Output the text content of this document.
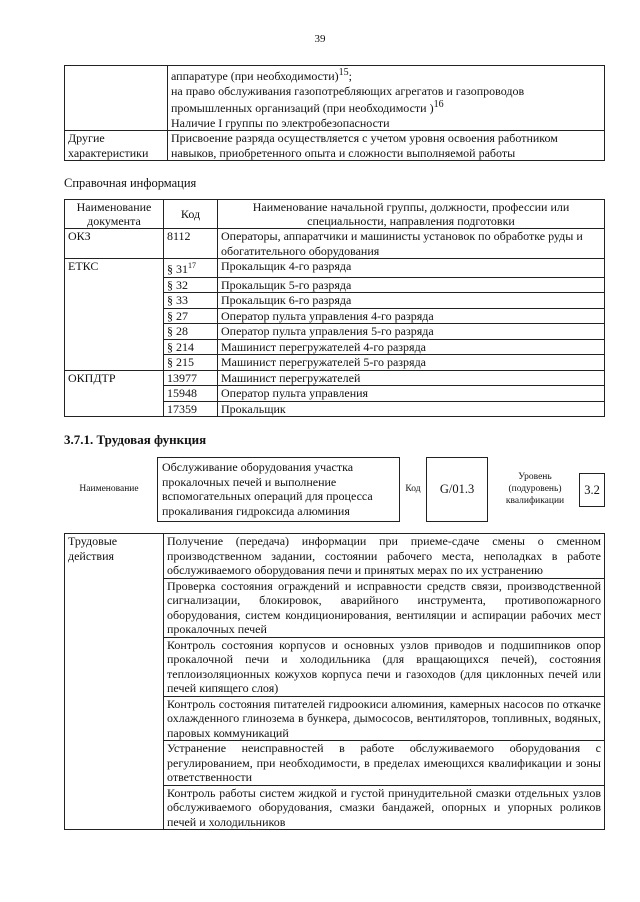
39

	аппаратуре (при необходимости)$^{15}$;
на право обслуживания газопотребляющих агрегатов и газопроводов
промышленных организаций (при необходимости )$^{16}$
Наличие I группы по электробезопасности

Другие характеристики	Присвоение разряда осуществляется с учетом уровня освоения работником навыков, приобретенного опыта и сложности выполняемой работы
Справочная информация
Наименование документа	Код	Наименование начальной группы, должности, профессии или специальности, направления подготовки
ОКЗ	8112	Операторы, аппаратчики и машинисты установок по обработке руды и обогатительного оборудования
ЕТКС	§ $31^{17}$	Прокальщик 4-го разряда
	§ 32	Прокальщик 5-го разряда
	§ 33	Прокальщик 6-го разряда
	§ 27	Оператор пульта управления 4-го разряда
	§ 28	Оператор пульта управления 5-го разряда
	§ 214	Машинист перегружателей 4-го разряда
	§ 215	Машинист перегружателей 5-го разряда
ОКПДТР	13977	Машинист перегружателей
	15948	Оператор пульта управления
	17359	Прокальщик
3.7.1. Трудовая функция
Наименование
Обслуживание оборудования участка прокалочных печей и выполнение вспомогательных операций для процесса прокаливания гидроксида алюминия
Код	G/01.3
Уровень (подуровень) квалификации
3.2
Трудовые действия	Получение (передача) информации при приеме-сдаче смены о сменном производственном задании, состоянии рабочего места, неполадках в работе обслуживаемого оборудования печи и принятых мерах по их устранению
Проверка состояния ограждений и исправности средств связи, производственной сигнализации, блокировок, аварийного инструмента, противопожарного оборудования, систем кондиционирования, вентиляции и аспирации рабочих мест прокалочных печей
Контроль состояния корпусов и основных узлов приводов и подшипников опор прокалочной печи и холодильника (для вращающихся печей), состояния теплоизоляционных кожухов корпуса печи и газоходов (для циклонных печей или печей кипящего слоя)
Контроль состояния питателей гидроокиси алюминия, камерных насосов по откачке охлажденного глинозема в бункера, дымососов, вентиляторов, топливных, водяных, паровых коммуникаций
Устранение неисправностей в работе обслуживаемого оборудования с регулированием, при необходимости, в пределах имеющихся квалификации и зоны ответственности
Контроль работы систем жидкой и густой принудительной смазки отдельных узлов обслуживаемого оборудования, смазки бандажей, опорных и упорных роликов печей и холодильников
